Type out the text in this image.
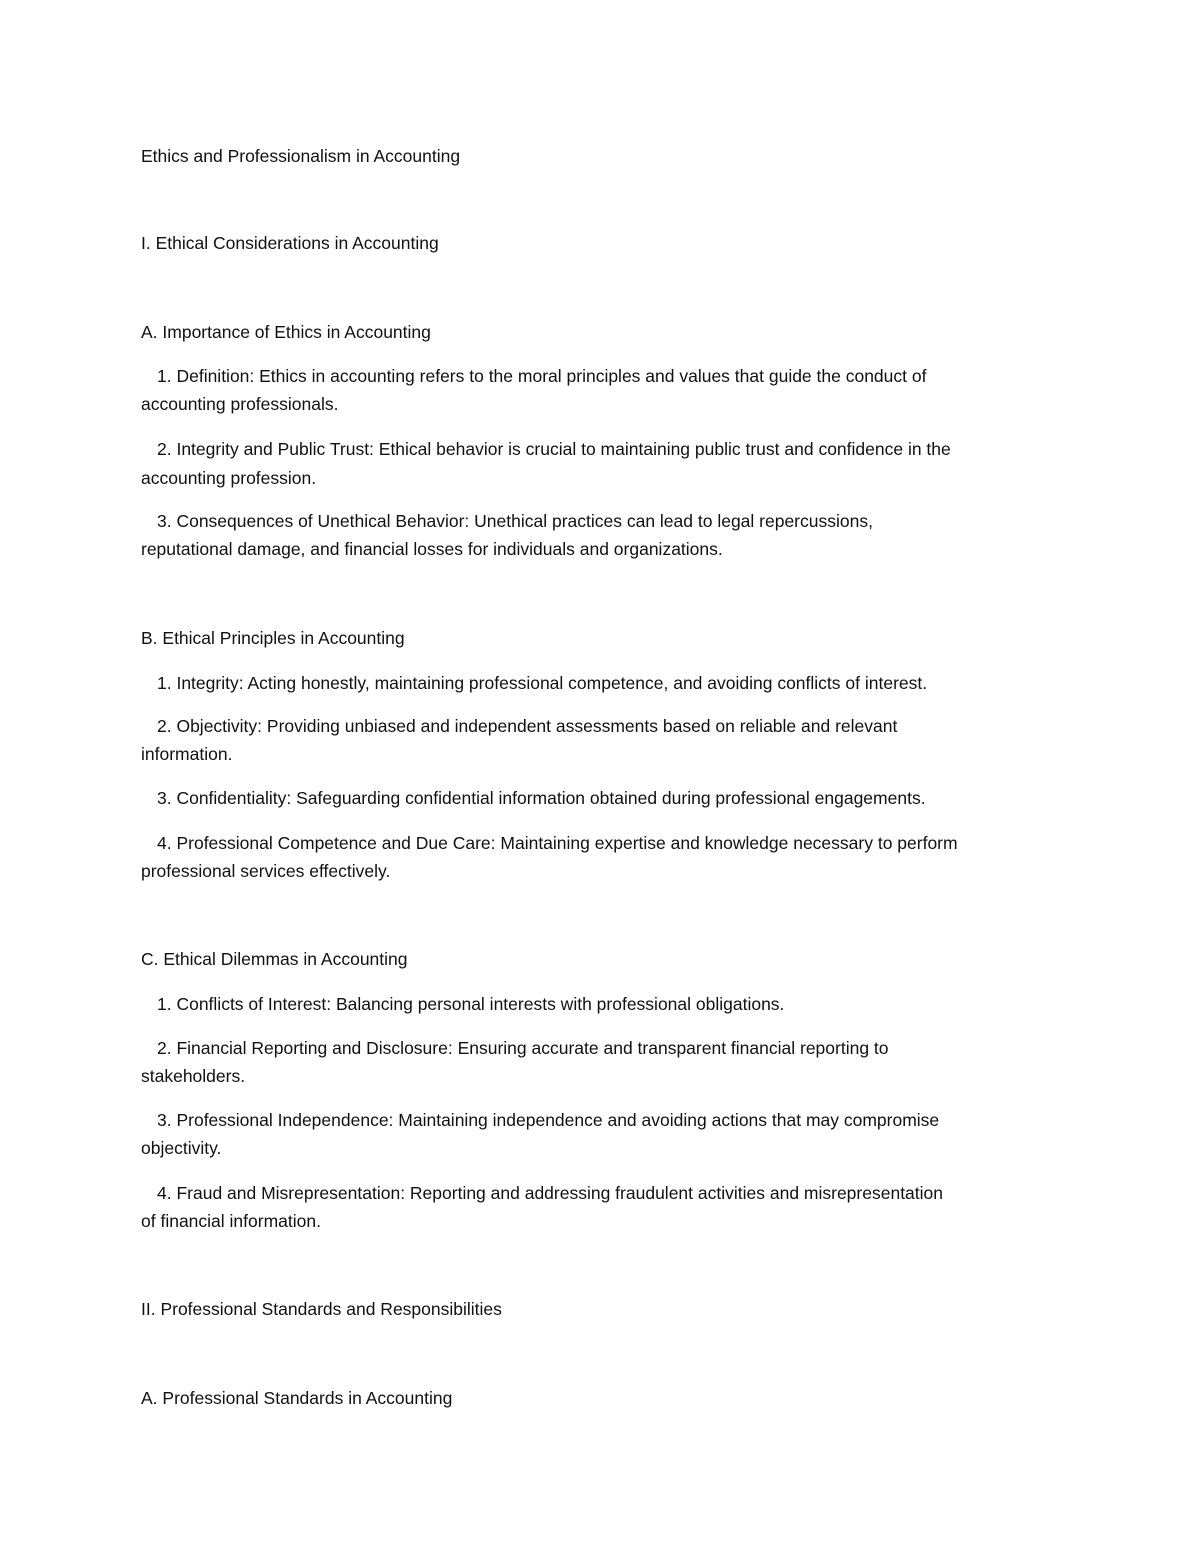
Ethics and Professionalism in Accounting
I. Ethical Considerations in Accounting
A. Importance of Ethics in Accounting
1. Definition: Ethics in accounting refers to the moral principles and values that guide the conduct of
accounting professionals.
2. Integrity and Public Trust: Ethical behavior is crucial to maintaining public trust and confidence in the
accounting profession.
3. Consequences of Unethical Behavior: Unethical practices can lead to legal repercussions,
reputational damage, and financial losses for individuals and organizations.
B. Ethical Principles in Accounting
1. Integrity: Acting honestly, maintaining professional competence, and avoiding conflicts of interest.
2. Objectivity: Providing unbiased and independent assessments based on reliable and relevant
information.
3. Confidentiality: Safeguarding confidential information obtained during professional engagements.
4. Professional Competence and Due Care: Maintaining expertise and knowledge necessary to perform
professional services effectively.
C. Ethical Dilemmas in Accounting
1. Conflicts of Interest: Balancing personal interests with professional obligations.
2. Financial Reporting and Disclosure: Ensuring accurate and transparent financial reporting to
stakeholders.
3. Professional Independence: Maintaining independence and avoiding actions that may compromise
objectivity.
4. Fraud and Misrepresentation: Reporting and addressing fraudulent activities and misrepresentation
of financial information.
II. Professional Standards and Responsibilities
A. Professional Standards in Accounting
